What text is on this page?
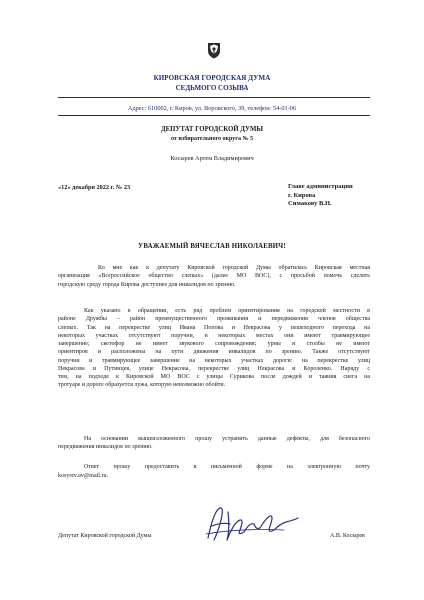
КИРОВСКАЯ ГОРОДСКАЯ ДУМА
СЕДЬМОГО СОЗЫВА
Адрес: 610002, г. Киров, ул. Воровского, 39, телефон: 54-01-06
ДЕПУТАТ ГОРОДСКОЙ ДУМЫ
от избирательного округа № 5
Косырев Артем Владимирович
«12» декабря 2022 г. № 23	Главе администрации
г. Кирова
Симакову В.Н.
УВАЖАЕМЫЙ ВЯЧЕСЛАВ НИКОЛАЕВИЧ!
Ко мне как к депутату Кировской городской Думы обратилась Кировская местная
организация «Всероссийское общество слепых» (далее МО ВОС), с просьбой помочь сделать
городскую среду города Кирова доступнее для инвалидов по зрению.
Как указано в обращении, есть ряд проблем ориентирования на городской местности в
районе Дружбы – район преимущественного проживания и передвижения членов общества
слепых. Так на перекрестке улиц Ивана Попова и Некрасова у пешеходного перехода на
некоторых участках отсутствуют поручни, в некоторых местах они имеют травмирующее
завершение; светофор не имеет звукового сопровождения; урны и столбы не имеют
ориентиров и расположены на пути движения инвалидов по зрению. Также отсутствуют
поручни и травмирующее завершение на некоторых участках дороги: на перекрестке улиц
Некрасова и Путинцев, улице Некрасова, перекрестке улиц Некрасова и Короленко. Наряду с
тем, на подходе к Кировской МО ВОС с улицы Сурикова после дождей и таяния снега на
тротуаре и дороге образуется лужа, которую невозможно обойти.
На основании вышеизложенного прошу устранить данные дефекты, для безопасного
передвижения инвалидов по зрению.
Ответ прошу предоставить в письменной форме на электронную почту
kosyrev.av@mail.ru.
Депутат Кировской городской Думы	А.В. Косырев
